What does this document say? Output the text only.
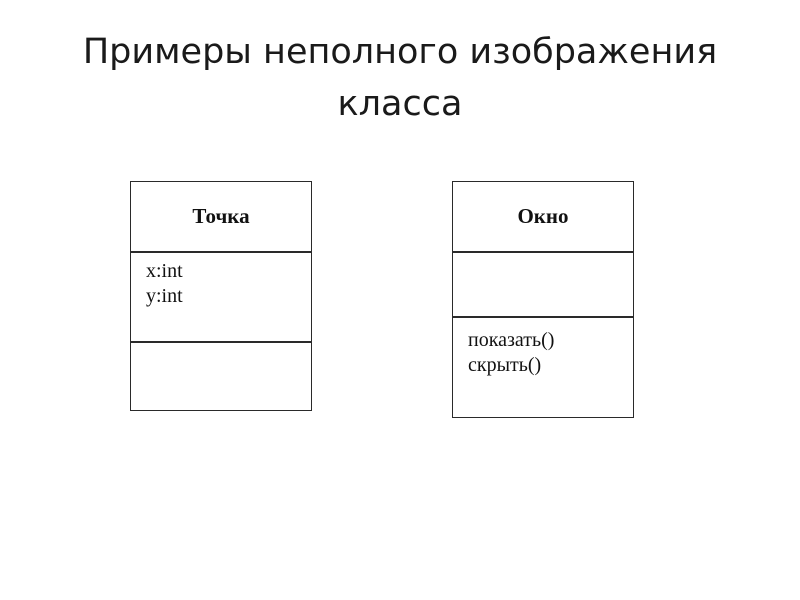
Примеры неполного изображения класса
Точка
x:int
y:int
Окно
показать()
скрыть()
